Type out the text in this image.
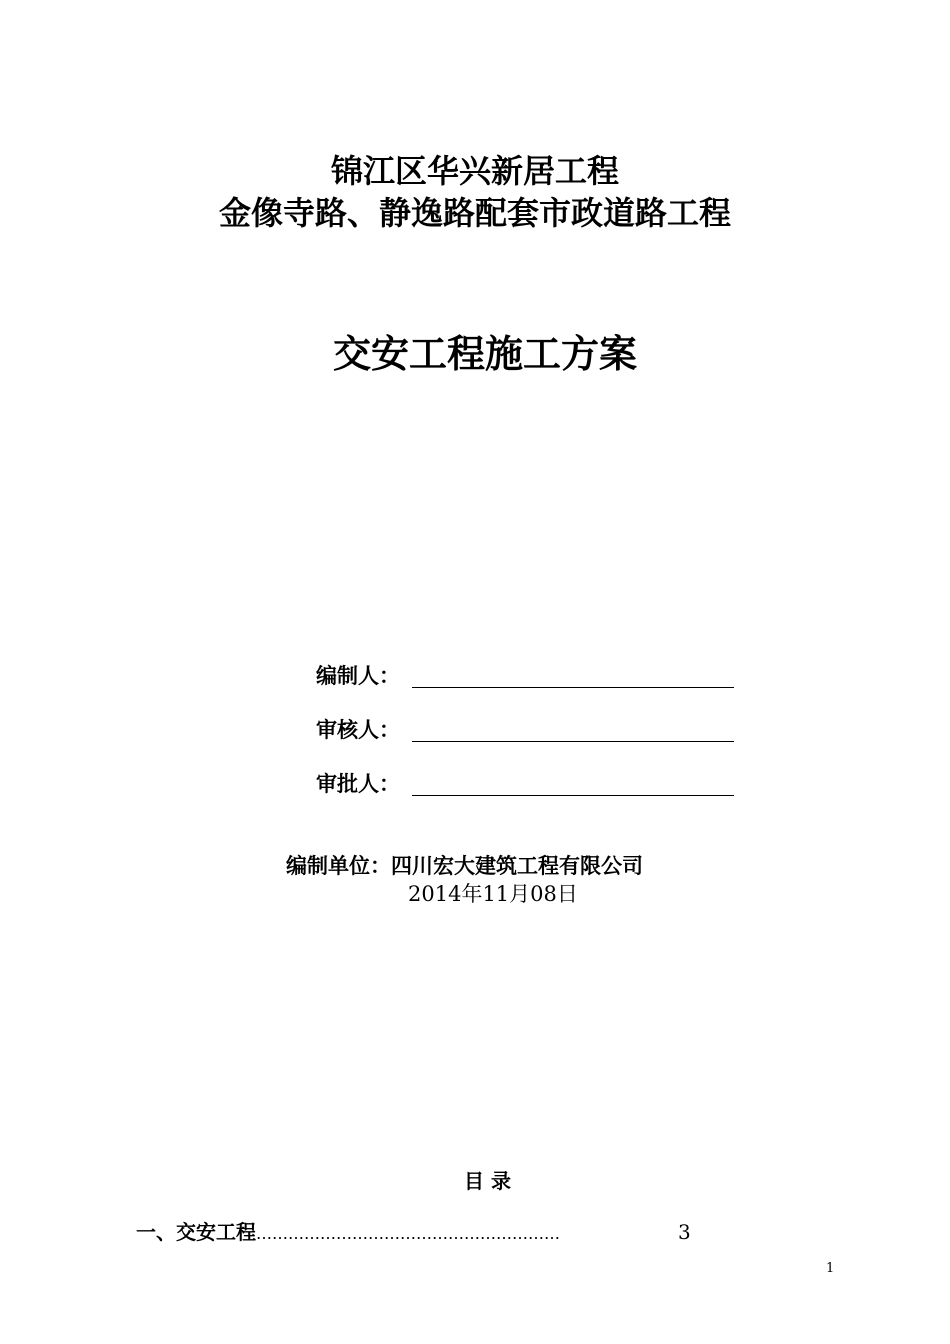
锦江区华兴新居工程
金像寺路、静逸路配套市政道路工程
交安工程施工方案
编制人：
审核人：
审批人：
编制单位：四川宏大建筑工程有限公司
2014年11月08日
目 录
一、交安工程 …………………………………………………	3
1
